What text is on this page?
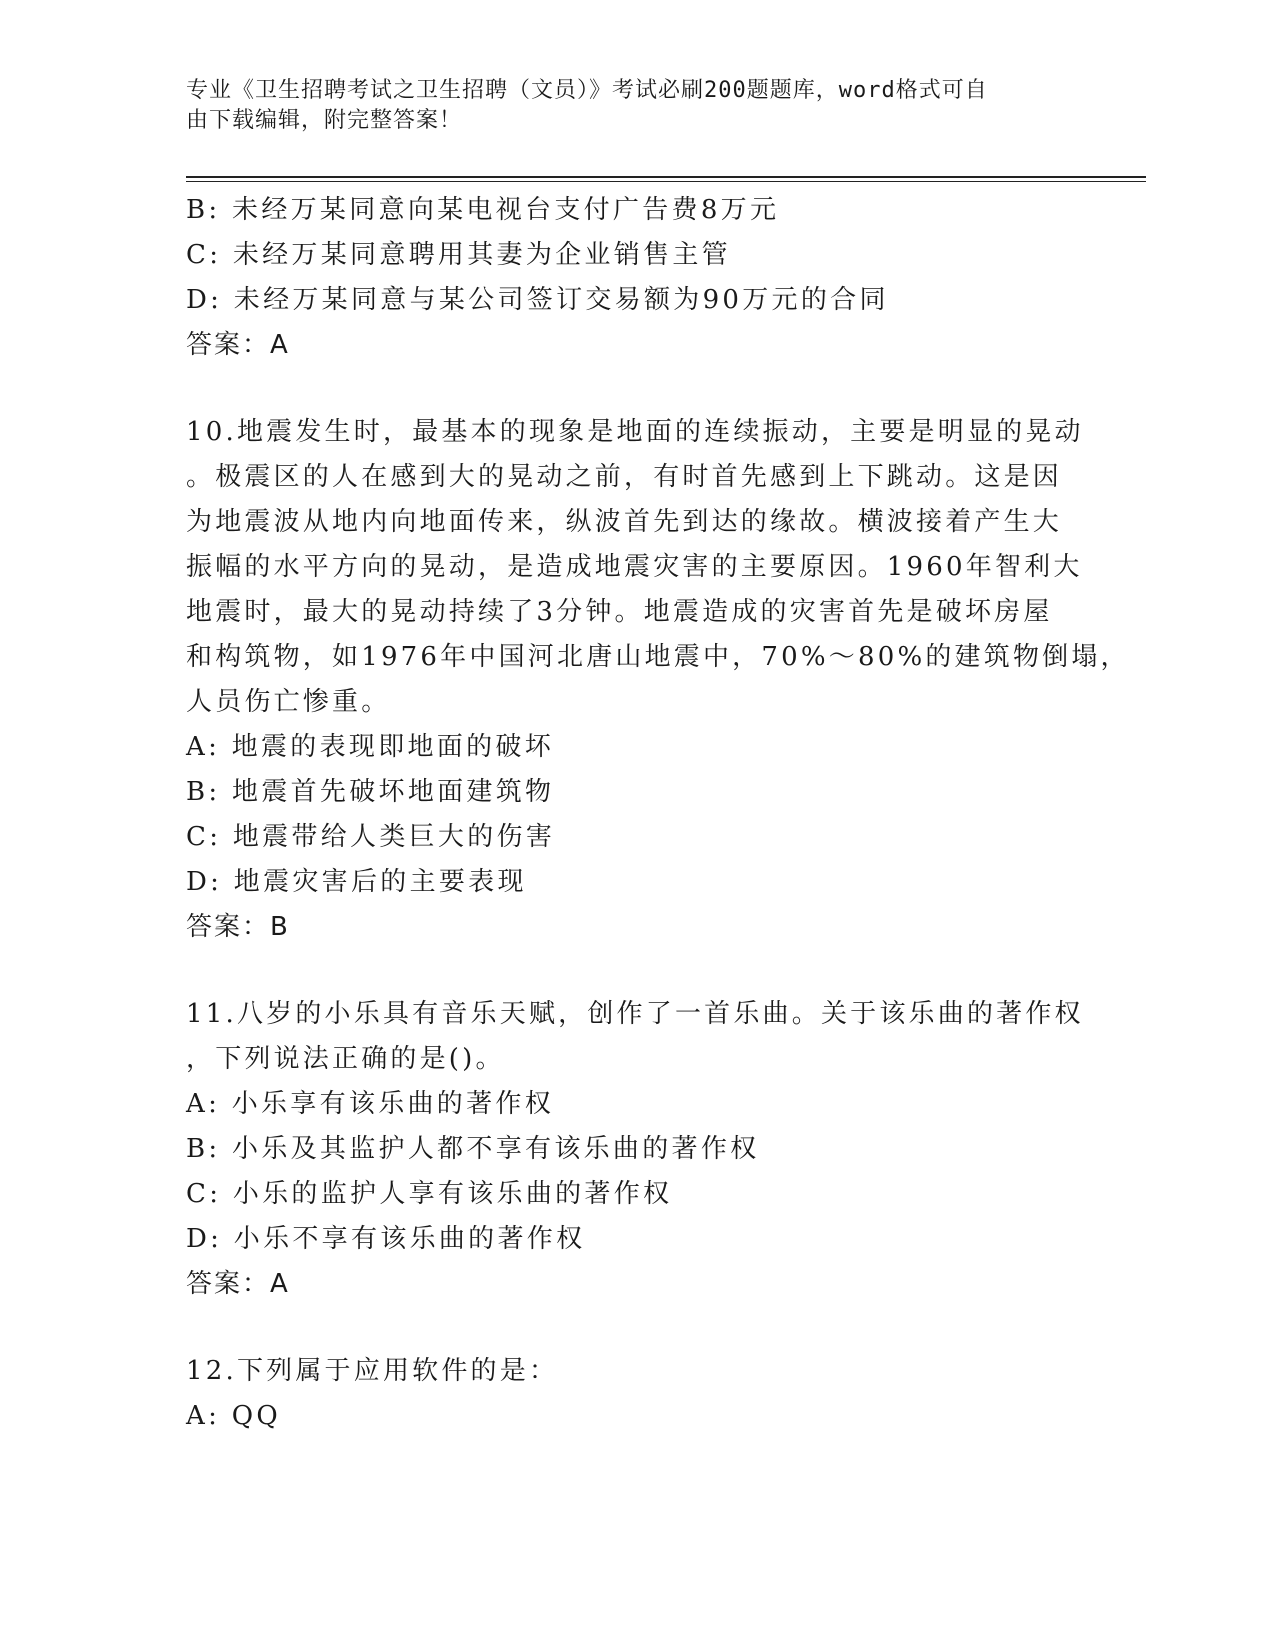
专业《卫生招聘考试之卫生招聘（文员）》考试必刷200题题库，word格式可自
由下载编辑，附完整答案！
B: 未经万某同意向某电视台支付广告费8万元
C: 未经万某同意聘用其妻为企业销售主管
D: 未经万某同意与某公司签订交易额为90万元的合同
答案：A
10.地震发生时，最基本的现象是地面的连续振动，主要是明显的晃动
。极震区的人在感到大的晃动之前，有时首先感到上下跳动。这是因
为地震波从地内向地面传来，纵波首先到达的缘故。横波接着产生大
振幅的水平方向的晃动，是造成地震灾害的主要原因。1960年智利大
地震时，最大的晃动持续了3分钟。地震造成的灾害首先是破坏房屋
和构筑物，如1976年中国河北唐山地震中，70%～80%的建筑物倒塌，
人员伤亡惨重。
A: 地震的表现即地面的破坏
B: 地震首先破坏地面建筑物
C: 地震带给人类巨大的伤害
D: 地震灾害后的主要表现
答案：B
11.八岁的小乐具有音乐天赋，创作了一首乐曲。关于该乐曲的著作权
，下列说法正确的是()。
A: 小乐享有该乐曲的著作权
B: 小乐及其监护人都不享有该乐曲的著作权
C: 小乐的监护人享有该乐曲的著作权
D: 小乐不享有该乐曲的著作权
答案：A
12.下列属于应用软件的是：
A: QQ
